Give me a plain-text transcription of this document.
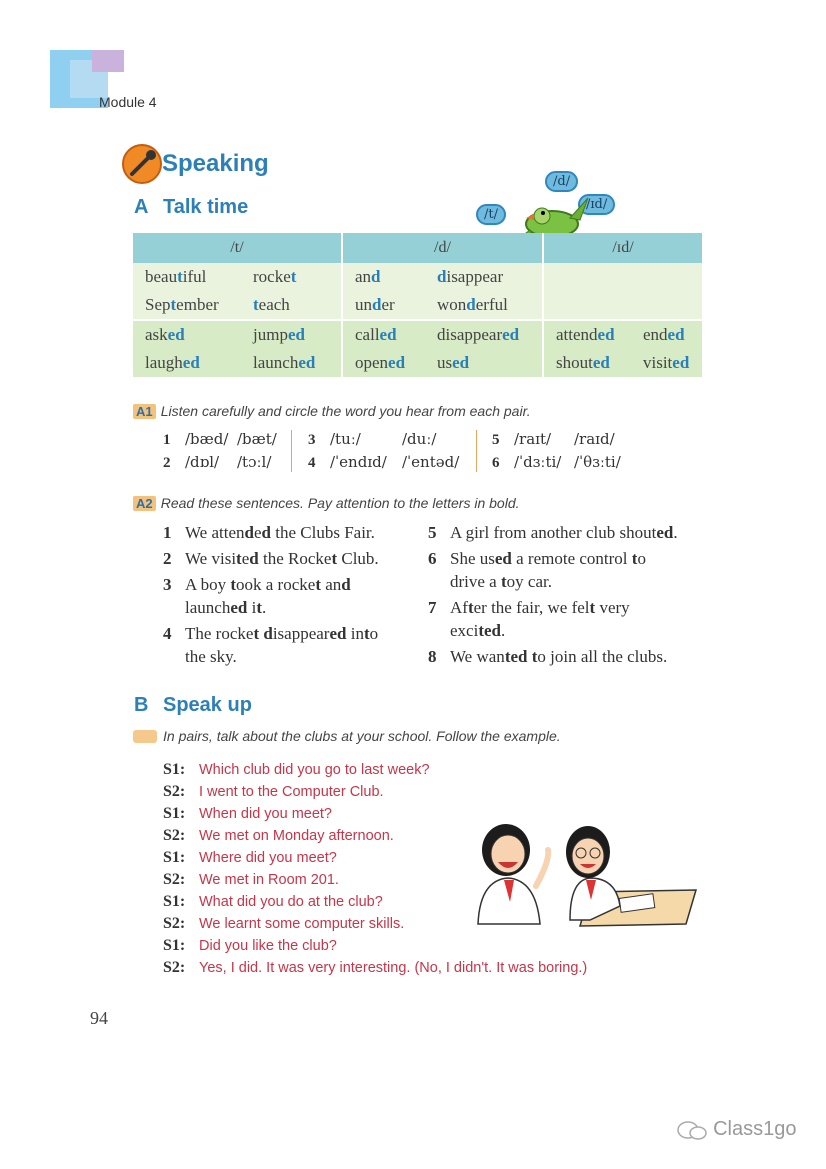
Module 4
Speaking
A Talk time	/t/
/d/
/ɪd/
/t/		/d/		/ɪd/	
beautiful	rocket	and	disappear		
September	teach	under	wonderful		
asked	jumped	called	disappeared	attended	ended
laughed	launched	opened	used	shouted	visited
A1 Listen carefully and circle the word you hear from each pair.
1 /bæd/ /bæt/
2 /dɒl/ /tɔːl/
3 /tuː/	/duː/
4 /ˈendɪd/ /ˈentəd/
5 /raɪt/ /raɪd/
6 /ˈdɜːti/ /ˈθɜːti/
A2 Read these sentences. Pay attention to the letters in bold.
1 We attended the Clubs Fair.
2 We visited the Rocket Club.
3 A boy took a rocket and
launched it.
4 The rocket disappeared into
the sky.
5 A girl from another club shouted.
6 She used a remote control to
drive a toy car.
7 After the fair, we felt very
excited.
8 We wanted to join all the clubs.
B Speak up
In pairs, talk about the clubs at your school. Follow the example.
S1: Which club did you go to last week?
S2: I went to the Computer Club.
S1: When did you meet?
S2: We met on Monday afternoon.
S1: Where did you meet?
S2: We met in Room 201.
S1: What did you do at the club?
S2: We learnt some computer skills.
S1: Did you like the club?
S2: Yes, I did. It was very interesting. (No, I didn't. It was boring.)
94
Class1go
